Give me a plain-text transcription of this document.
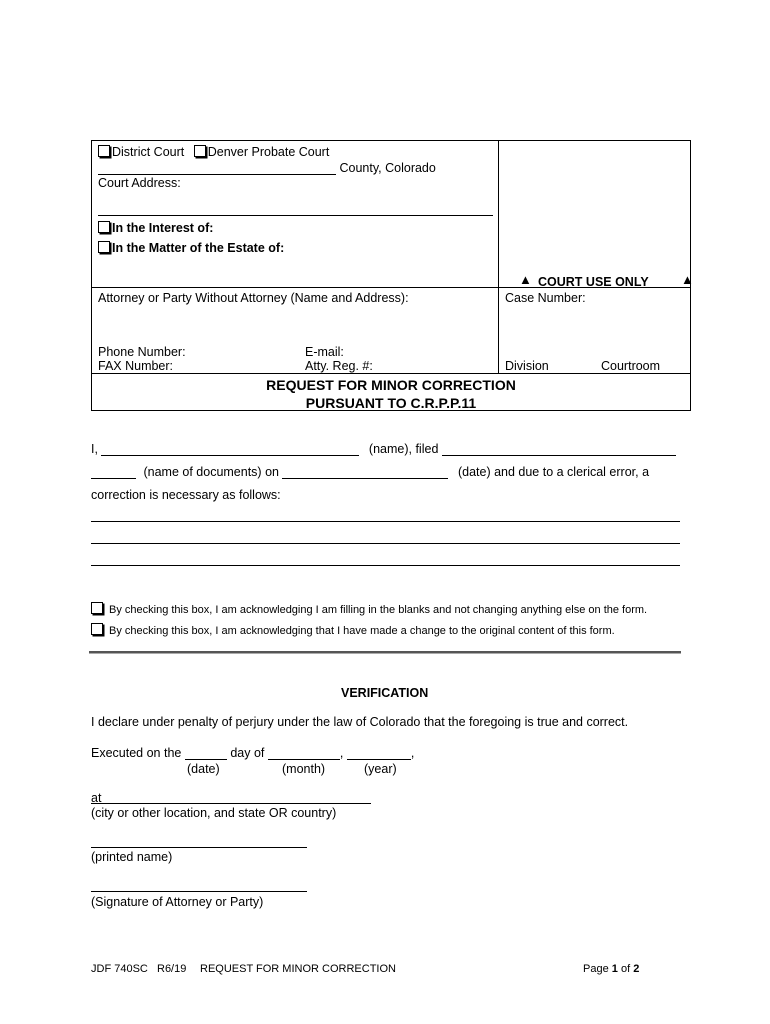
District Court Denver Probate Court
County, Colorado
Court Address:
In the Interest of:
In the Matter of the Estate of:
▲ COURT USE ONLY ▲
Attorney or Party Without Attorney (Name and Address):	Case Number:
Phone Number:	E-mail:
FAX Number:	Atty. Reg. #:	Division	Courtroom
REQUEST FOR MINOR CORRECTION
PURSUANT TO C.R.P.P.11
I,	(name), filed
(name of documents) on	(date) and due to a clerical error, a
correction is necessary as follows:
By checking this box, I am acknowledging I am filling in the blanks and not changing anything else on the form.
By checking this box, I am acknowledging that I have made a change to the original content of this form.
VERIFICATION
I declare under penalty of perjury under the law of Colorado that the foregoing is true and correct.
Executed on the	day of	,	,
(date)	(month)	(year)
at
(city or other location, and state OR country)
(printed name)
(Signature of Attorney or Party)
JDF 740SC R6/19 REQUEST FOR MINOR CORRECTION	Page 1 of 2
